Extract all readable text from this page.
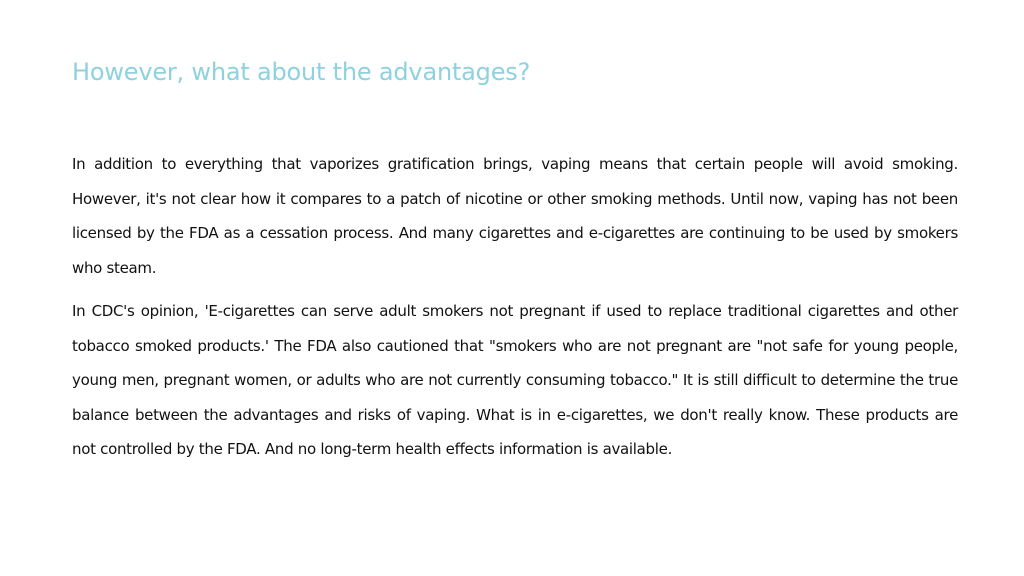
However, what about the advantages?

In addition to everything that vaporizes gratification brings, vaping means that certain people will avoid smoking. However, it's not clear how it compares to a patch of nicotine or other smoking methods. Until now, vaping has not been licensed by the FDA as a cessation process. And many cigarettes and e-cigarettes are continuing to be used by smokers who steam.

In CDC's opinion, 'E-cigarettes can serve adult smokers not pregnant if used to replace traditional cigarettes and other tobacco smoked products.' The FDA also cautioned that "smokers who are not pregnant are "not safe for young people, young men, pregnant women, or adults who are not currently consuming tobacco." It is still difficult to determine the true balance between the advantages and risks of vaping. What is in e-cigarettes, we don't really know. These products are not controlled by the FDA. And no long-term health effects information is available.
